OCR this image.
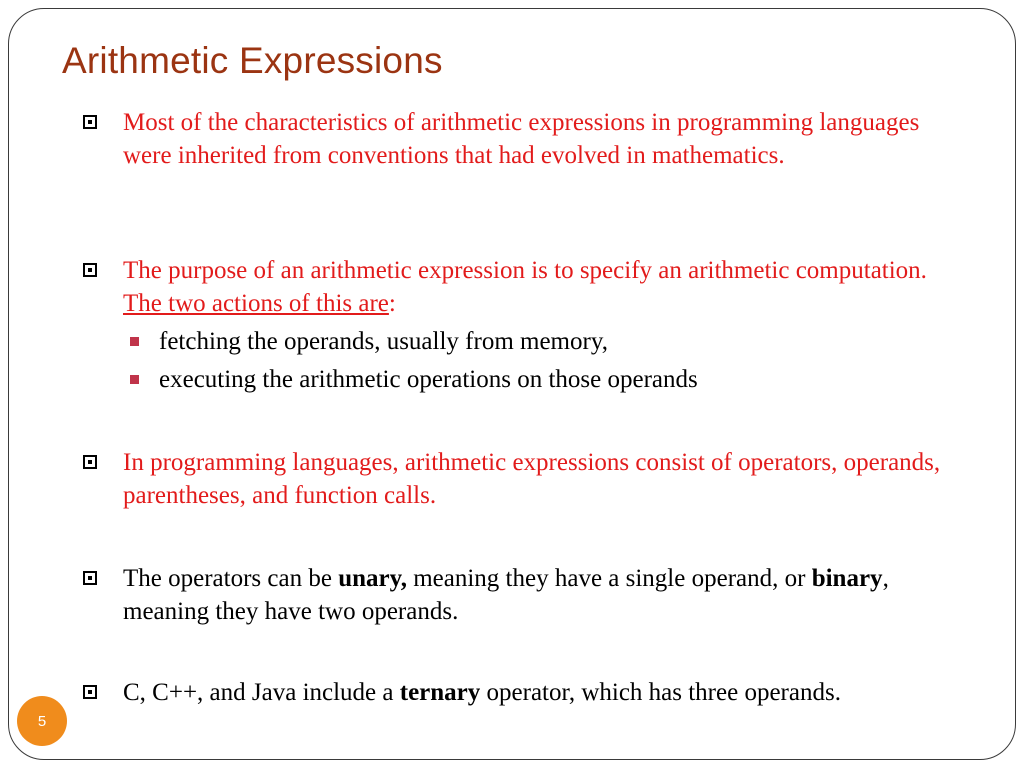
Arithmetic Expressions
Most of the characteristics of arithmetic expressions in programming languages were inherited from conventions that had evolved in mathematics.
The purpose of an arithmetic expression is to specify an arithmetic computation. The two actions of this are:
fetching the operands, usually from memory,
executing the arithmetic operations on those operands
In programming languages, arithmetic expressions consist of operators, operands, parentheses, and function calls.
The operators can be unary, meaning they have a single operand, or binary, meaning they have two operands.
C, C++, and Java include a ternary operator, which has three operands.
5
